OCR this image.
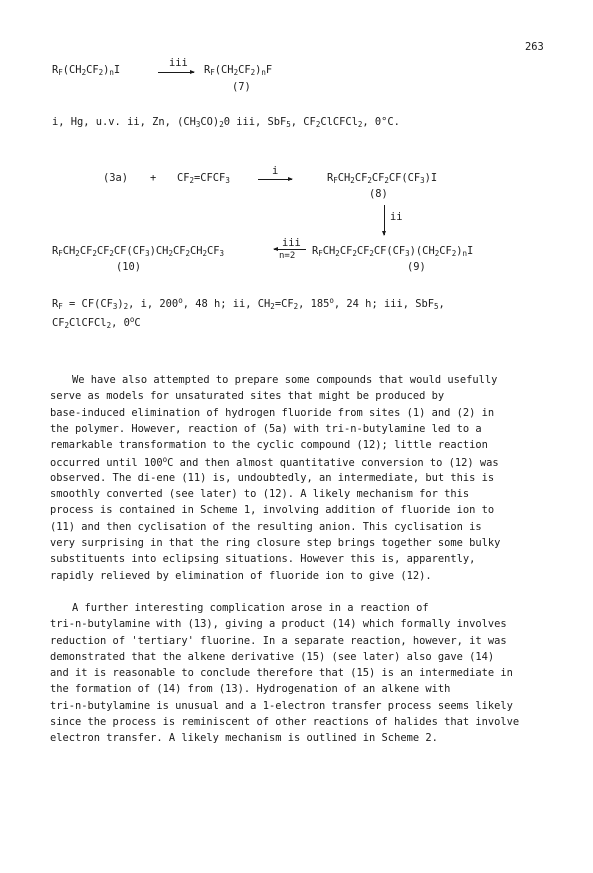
263
$R_F(CH_2CF_2)_nI$
iii
$R_F(CH_2CF_2)_nF$
(7)
i, Hg, u.v. ii, Zn, $(CH_3CO)_20$ iii, SbF$_5$, $CF_2ClCFCl_2$, 0°C.
$(3a) + CF_2=CFCF_3$
i
$R_FCH_2CF_2CF_2CF(CF_3)I$
(8)
ii
$R_FCH_2CF_2CF_2CF(CF_3)CH_2CF_2CH_2CF_3$
(10)
iii
n=2 $R_FCH_2CF_2CF_2CF(CF_3)(CH_2CF_2)_nI$
(9)
$R_F = CF(CF_3)_2$, i, 200$^o$, 48 h; ii, $CH_2=CF_2$, 185$^o$, 24 h; iii, SbF$_5$,
$CF_2ClCFCl_2$, 0$^o$C
We have also attempted to prepare some compounds that would usefully
serve as models for unsaturated sites that might be produced by
base-induced elimination of hydrogen fluoride from sites (1) and (2) in
the polymer. However, reaction of (5a) with tri-n-butylamine led to a
remarkable transformation to the cyclic compound (12); little reaction
occurred until 100$^o$C and then almost quantitative conversion to (12) was
observed. The di-ene (11) is, undoubtedly, an intermediate, but this is
smoothly converted (see later) to (12). A likely mechanism for this
process is contained in Scheme 1, involving addition of fluoride ion to
(11) and then cyclisation of the resulting anion. This cyclisation is
very surprising in that the ring closure step brings together some bulky
substituents into eclipsing situations. However this is, apparently,
rapidly relieved by elimination of fluoride ion to give (12).
A further interesting complication arose in a reaction of
tri-n-butylamine with (13), giving a product (14) which formally involves
reduction of 'tertiary' fluorine. In a separate reaction, however, it was
demonstrated that the alkene derivative (15) (see later) also gave (14)
and it is reasonable to conclude therefore that (15) is an intermediate in
the formation of (14) from (13). Hydrogenation of an alkene with
tri-n-butylamine is unusual and a 1-electron transfer process seems likely
since the process is reminiscent of other reactions of halides that involve
electron transfer. A likely mechanism is outlined in Scheme 2.
